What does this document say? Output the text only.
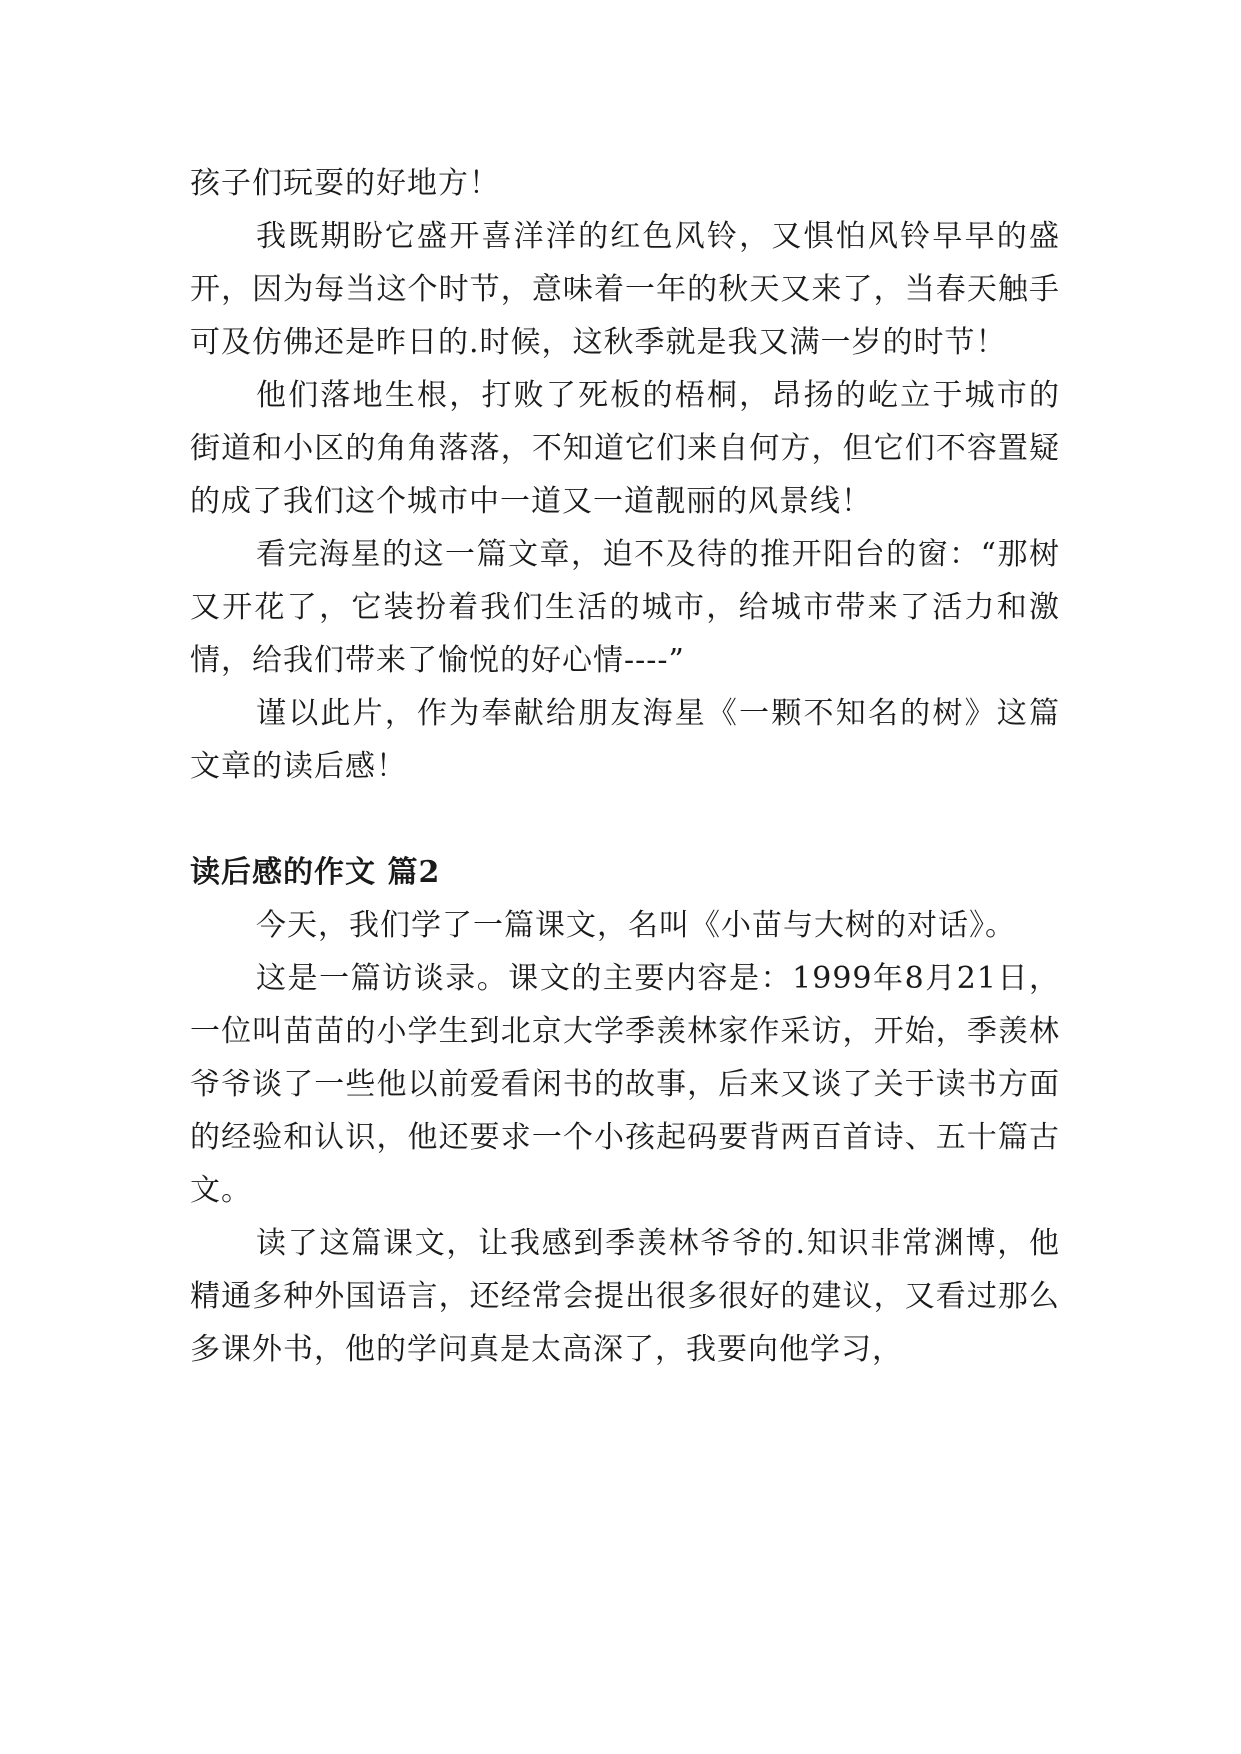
孩子们玩耍的好地方！

我既期盼它盛开喜洋洋的红色风铃，又惧怕风铃早早的盛开，因为每当这个时节，意味着一年的秋天又来了，当春天触手可及仿佛还是昨日的.时候，这秋季就是我又满一岁的时节！

他们落地生根，打败了死板的梧桐，昂扬的屹立于城市的街道和小区的角角落落，不知道它们来自何方，但它们不容置疑的成了我们这个城市中一道又一道靓丽的风景线！

看完海星的这一篇文章，迫不及待的推开阳台的窗：“那树又开花了，它装扮着我们生活的城市，给城市带来了活力和激情，给我们带来了愉悦的好心情----”

谨以此片，作为奉献给朋友海星《一颗不知名的树》这篇文章的读后感！

读后感的作文 篇2

今天，我们学了一篇课文，名叫《小苗与大树的对话》。

这是一篇访谈录。课文的主要内容是：1999年8月21日，一位叫苗苗的小学生到北京大学季羡林家作采访，开始，季羡林爷爷谈了一些他以前爱看闲书的故事，后来又谈了关于读书方面的经验和认识，他还要求一个小孩起码要背两百首诗、五十篇古文。

读了这篇课文，让我感到季羡林爷爷的.知识非常渊博，他精通多种外国语言，还经常会提出很多很好的建议，又看过那么多课外书，他的学问真是太高深了，我要向他学习，
